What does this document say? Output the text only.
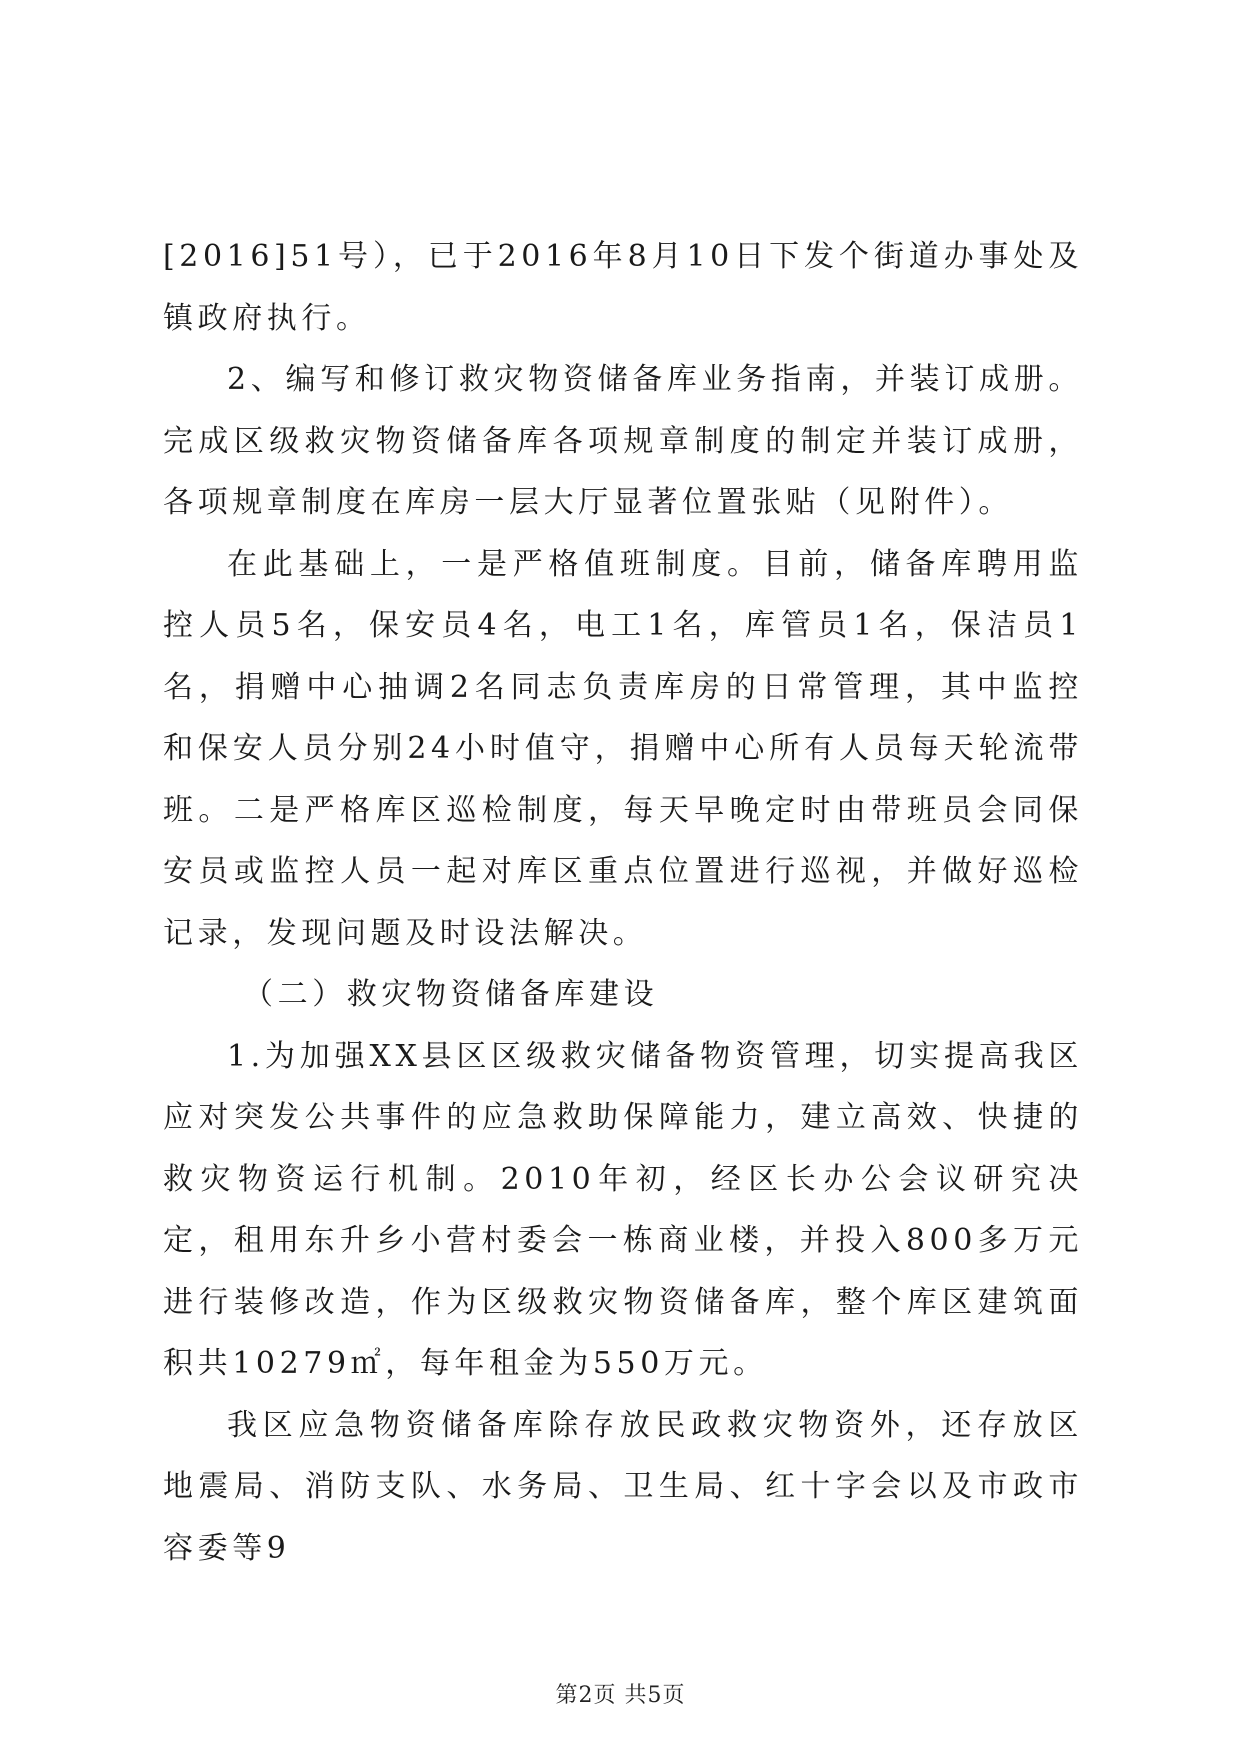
[2016]51号），已于2016年8月10日下发个街道办事处及镇政府执行。

2、编写和修订救灾物资储备库业务指南，并装订成册。完成区级救灾物资储备库各项规章制度的制定并装订成册，各项规章制度在库房一层大厅显著位置张贴（见附件）。

在此基础上，一是严格值班制度。目前，储备库聘用监控人员5名，保安员4名，电工1名，库管员1名，保洁员1名，捐赠中心抽调2名同志负责库房的日常管理，其中监控和保安人员分别24小时值守，捐赠中心所有人员每天轮流带班。二是严格库区巡检制度，每天早晚定时由带班员会同保安员或监控人员一起对库区重点位置进行巡视，并做好巡检记录，发现问题及时设法解决。

（二）救灾物资储备库建设

1.为加强XX县区区级救灾储备物资管理，切实提高我区应对突发公共事件的应急救助保障能力，建立高效、快捷的救灾物资运行机制。2010年初，经区长办公会议研究决定，租用东升乡小营村委会一栋商业楼，并投入800多万元进行装修改造，作为区级救灾物资储备库，整个库区建筑面积共10279㎡，每年租金为550万元。

我区应急物资储备库除存放民政救灾物资外，还存放区地震局、消防支队、水务局、卫生局、红十字会以及市政市容委等9

第2页 共5页
